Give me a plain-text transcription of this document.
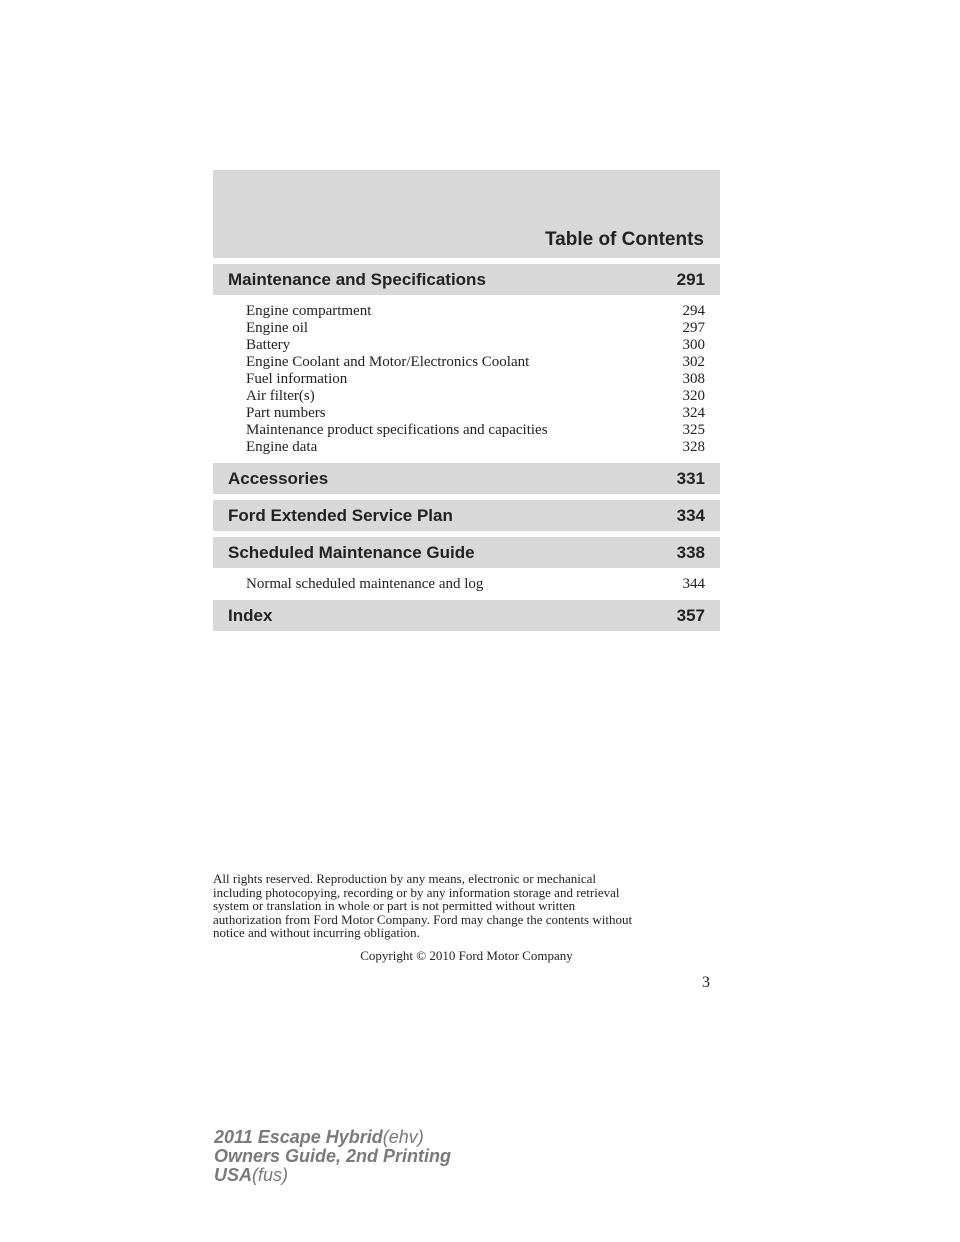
Table of Contents
Maintenance and Specifications	291
Engine compartment	294
Engine oil	297
Battery	300
Engine Coolant and Motor/Electronics Coolant	302
Fuel information	308
Air filter(s)	320
Part numbers	324
Maintenance product specifications and capacities	325
Engine data	328
Accessories	331
Ford Extended Service Plan	334
Scheduled Maintenance Guide	338
Normal scheduled maintenance and log	344
Index	357
All rights reserved. Reproduction by any means, electronic or mechanical
including photocopying, recording or by any information storage and retrieval
system or translation in whole or part is not permitted without written
authorization from Ford Motor Company. Ford may change the contents without
notice and without incurring obligation.
Copyright © 2010 Ford Motor Company
3
2011 Escape Hybrid(ehv)
Owners Guide, 2nd Printing
USA(fus)
